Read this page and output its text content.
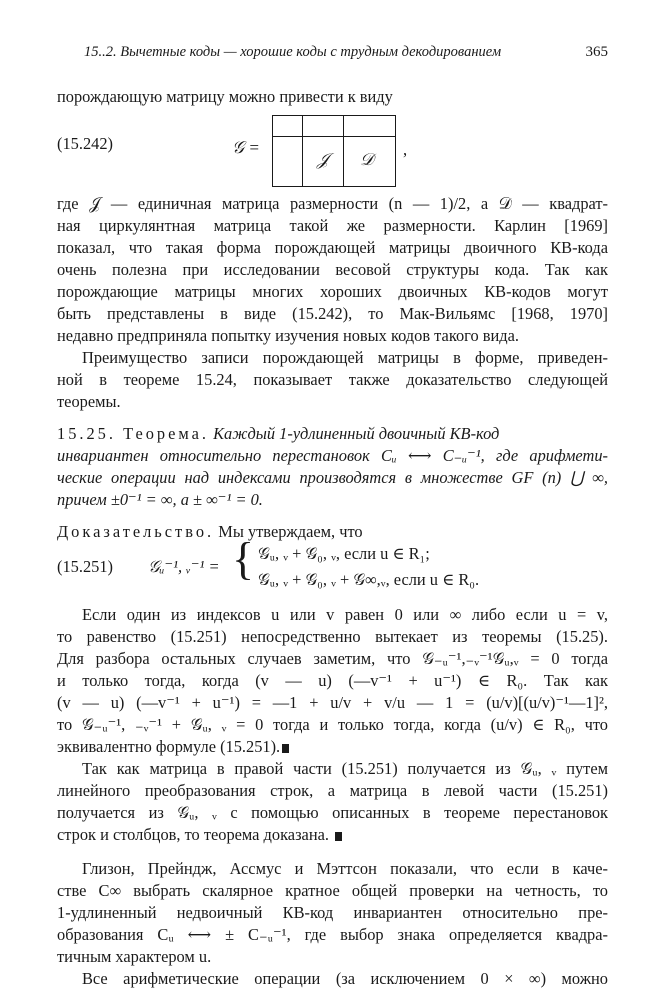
15..2. Вычетные коды — хорошие коды с трудным декодированием	365
порождающую матрицу можно привести к виду
(15.242)	𝒢 =
𝒥 𝒟
,
где 𝒥 — единичная матрица размерности (n — 1)/2, а 𝒟 — квадрат-
ная циркулянтная матрица такой же размерности. Карлин [1969]
показал, что такая форма порождающей матрицы двоичного КВ-кода
очень полезна при исследовании весовой структуры кода. Так как
порождающие матрицы многих хороших двоичных КВ-кодов могут
быть представлены в виде (15.242), то Мак-Вильямс [1968, 1970]
недавно предприняла попытку изучения новых кодов такого вида.
Преимущество записи порождающей матрицы в форме, приведен-
ной в теореме 15.24, показывает также доказательство следующей
теоремы.
15.25. Теорема. Каждый 1-удлиненный двоичный КВ-код
инвариантен относительно перестановок Cᵤ ⟷ C₋ᵤ⁻¹, где арифмети-
ческие операции над индексами производятся в множестве GF (n) ⋃ ∞,
причем ±0⁻¹ = ∞, а ± ∞⁻¹ = 0.
Доказательство. Мы утверждаем, что
(15.251) 𝒢ᵤ⁻¹, ᵥ⁻¹ = { 𝒢ᵤ, ᵥ + 𝒢₀, ᵥ, если u ∈ R₁;
𝒢ᵤ, ᵥ + 𝒢₀, ᵥ + 𝒢∞,ᵥ, если u ∈ R₀.
Если один из индексов u или v равен 0 или ∞ либо если u = v,
то равенство (15.251) непосредственно вытекает из теоремы (15.25).
Для разбора остальных случаев заметим, что 𝒢₋ᵤ⁻¹,₋ᵥ⁻¹𝒢ᵤ,ᵥ = 0 тогда
и только тогда, когда (v — u) (—v⁻¹ + u⁻¹) ∈ R₀. Так как
(v — u) (—v⁻¹ + u⁻¹) = —1 + u/v + v/u — 1 = (u/v)[(u/v)⁻¹—1]²,
то 𝒢₋ᵤ⁻¹, ₋ᵥ⁻¹ + 𝒢ᵤ, ᵥ = 0 тогда и только тогда, когда (u/v) ∈ R₀, что
эквивалентно формуле (15.251).
Так как матрица в правой части (15.251) получается из 𝒢ᵤ, ᵥ путем
линейного преобразования строк, а матрица в левой части (15.251)
получается из 𝒢ᵤ, ᵥ с помощью описанных в теореме перестановок
строк и столбцов, то теорема доказана.
Глизон, Прейндж, Ассмус и Мэттсон показали, что если в каче-
стве C∞ выбрать скалярное кратное общей проверки на четность, то
1-удлиненный недвоичный КВ-код инвариантен относительно пре-
образования Cᵤ ⟷ ± C₋ᵤ⁻¹, где выбор знака определяется квадра-
тичным характером u.
Все арифметические операции (за исключением 0 × ∞) можно
